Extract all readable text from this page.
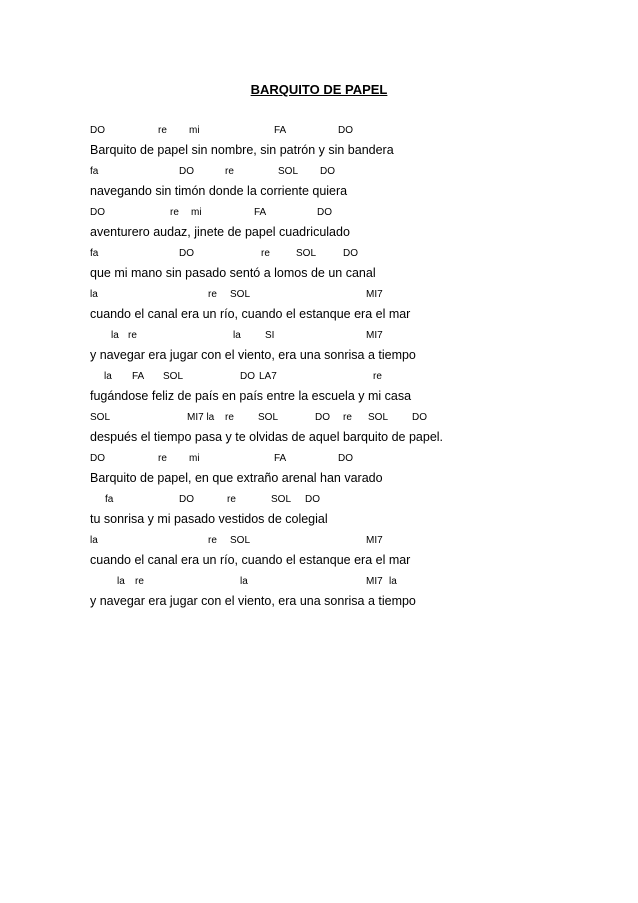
BARQUITO DE PAPEL
DO	re mi	FA	DO
Barquito de papel sin nombre, sin patrón y sin bandera
fa	DO	re	SOL DO
navegando sin timón donde la corriente quiera
DO	re mi	FA	DO
aventurero audaz, jinete de papel cuadriculado
fa	DO	re	SOL	DO
que mi mano sin pasado sentó a lomos de un canal
la	re SOL	MI7
cuando el canal era un río, cuando el estanque era el mar
la re	la SI	MI7
y navegar era jugar con el viento, era una sonrisa a tiempo
la FA SOL	DO LA7	re
fugándose feliz de país en país entre la escuela y mi casa
SOL	MI7 la re SOL	DO re SOL DO
después el tiempo pasa y te olvidas de aquel barquito de papel.
DO	re mi	FA	DO
Barquito de papel, en que extraño arenal han varado
fa	DO	re	SOL DO
tu sonrisa y mi pasado vestidos de colegial
la	re SOL	MI7
cuando el canal era un río, cuando el estanque era el mar
la re	la	MI7 la
y navegar era jugar con el viento, era una sonrisa a tiempo
